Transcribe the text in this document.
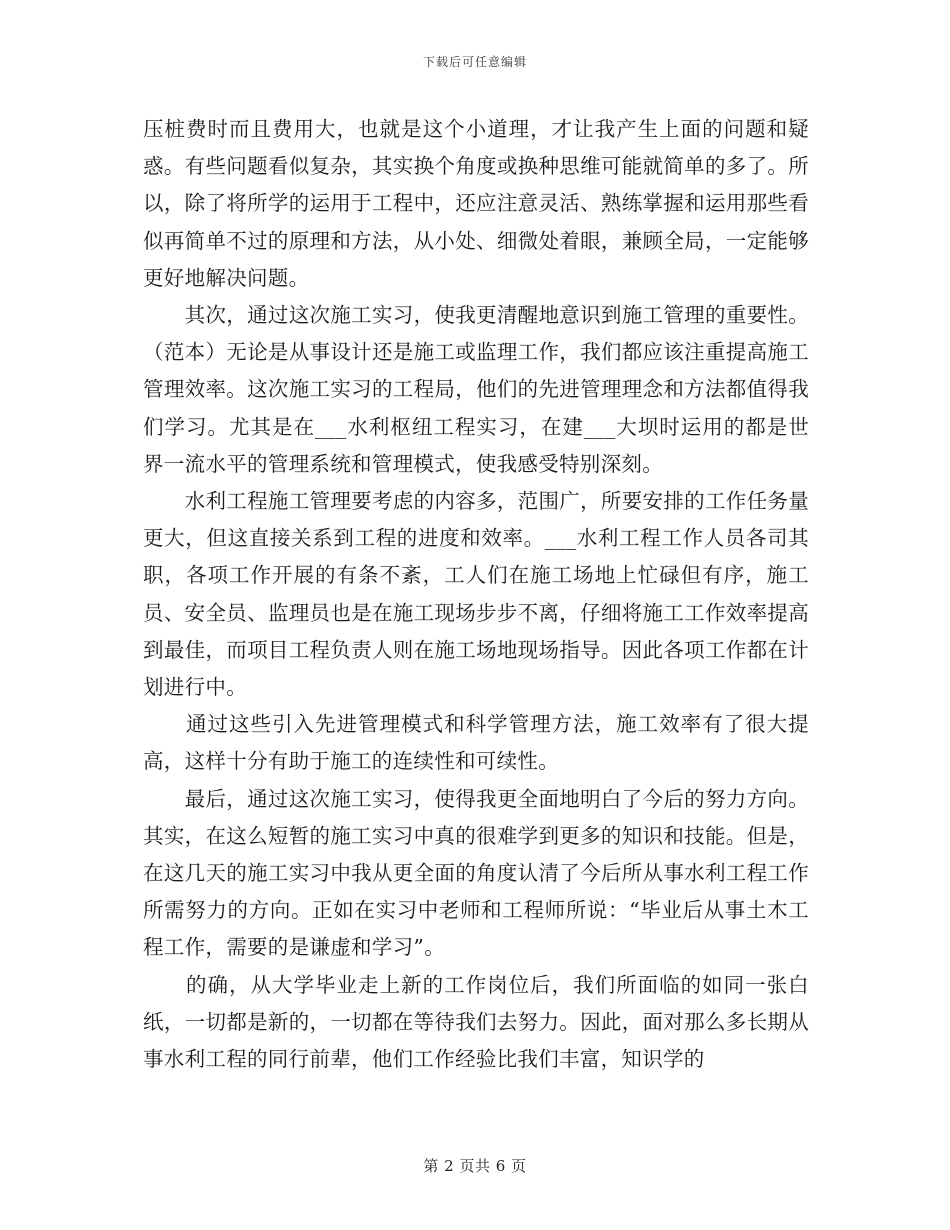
下载后可任意编辑

压桩费时而且费用大，也就是这个小道理，才让我产生上面的问题和疑惑。有些问题看似复杂，其实换个角度或换种思维可能就简单的多了。所以，除了将所学的运用于工程中，还应注意灵活、熟练掌握和运用那些看似再简单不过的原理和方法，从小处、细微处着眼，兼顾全局，一定能够更好地解决问题。

　　其次，通过这次施工实习，使我更清醒地意识到施工管理的重要性。（范本）无论是从事设计还是施工或监理工作，我们都应该注重提高施工管理效率。这次施工实习的工程局，他们的先进管理理念和方法都值得我们学习。尤其是在___水利枢纽工程实习，在建___大坝时运用的都是世界一流水平的管理系统和管理模式，使我感受特别深刻。

　　水利工程施工管理要考虑的内容多，范围广，所要安排的工作任务量更大，但这直接关系到工程的进度和效率。___水利工程工作人员各司其职，各项工作开展的有条不紊，工人们在施工场地上忙碌但有序，施工员、安全员、监理员也是在施工现场步步不离，仔细将施工工作效率提高到最佳，而项目工程负责人则在施工场地现场指导。因此各项工作都在计划进行中。

　　通过这些引入先进管理模式和科学管理方法，施工效率有了很大提高，这样十分有助于施工的连续性和可续性。

　　最后，通过这次施工实习，使得我更全面地明白了今后的努力方向。其实，在这么短暂的施工实习中真的很难学到更多的知识和技能。但是，在这几天的施工实习中我从更全面的角度认清了今后所从事水利工程工作所需努力的方向。正如在实习中老师和工程师所说：“毕业后从事土木工程工作，需要的是谦虚和学习”。

　　的确，从大学毕业走上新的工作岗位后，我们所面临的如同一张白纸，一切都是新的，一切都在等待我们去努力。因此，面对那么多长期从事水利工程的同行前辈，他们工作经验比我们丰富，知识学的

第 2 页共 6 页
